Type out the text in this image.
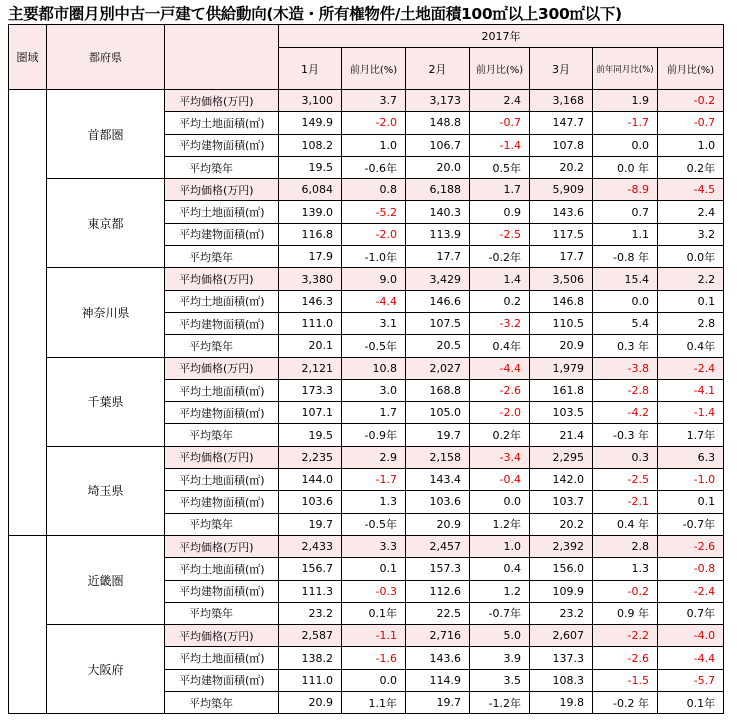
主要都市圏月別中古一戸建て供給動向(木造・所有権物件/土地面積100㎡以上300㎡以下)
圏域	都府県		2017年						
			1月	前月比(%)	2月	前月比(%)	3月	前年同月比(%)	前月比(%)
	首都圏	平均価格(万円)	3,100	3.7	3,173	2.4	3,168	1.9	-0.2
		平均土地面積(㎡)	149.9	-2.0	148.8	-0.7	147.7	-1.7	-0.7
		平均建物面積(㎡)	108.2	1.0	106.7	-1.4	107.8	0.0	1.0
		平均築年	19.5	-0.6年	20.0	0.5年	20.2	0.0 年	0.2年
	東京都	平均価格(万円)	6,084	0.8	6,188	1.7	5,909	-8.9	-4.5
		平均土地面積(㎡)	139.0	-5.2	140.3	0.9	143.6	0.7	2.4
		平均建物面積(㎡)	116.8	-2.0	113.9	-2.5	117.5	1.1	3.2
		平均築年	17.9	-1.0年	17.7	-0.2年	17.7	-0.8 年	0.0年
	神奈川県	平均価格(万円)	3,380	9.0	3,429	1.4	3,506	15.4	2.2
		平均土地面積(㎡)	146.3	-4.4	146.6	0.2	146.8	0.0	0.1
		平均建物面積(㎡)	111.0	3.1	107.5	-3.2	110.5	5.4	2.8
		平均築年	20.1	-0.5年	20.5	0.4年	20.9	0.3 年	0.4年
	千葉県	平均価格(万円)	2,121	10.8	2,027	-4.4	1,979	-3.8	-2.4
		平均土地面積(㎡)	173.3	3.0	168.8	-2.6	161.8	-2.8	-4.1
		平均建物面積(㎡)	107.1	1.7	105.0	-2.0	103.5	-4.2	-1.4
		平均築年	19.5	-0.9年	19.7	0.2年	21.4	-0.3 年	1.7年
	埼玉県	平均価格(万円)	2,235	2.9	2,158	-3.4	2,295	0.3	6.3
		平均土地面積(㎡)	144.0	-1.7	143.4	-0.4	142.0	-2.5	-1.0
		平均建物面積(㎡)	103.6	1.3	103.6	0.0	103.7	-2.1	0.1
		平均築年	19.7	-0.5年	20.9	1.2年	20.2	0.4 年	-0.7年
	近畿圏	平均価格(万円)	2,433	3.3	2,457	1.0	2,392	2.8	-2.6
		平均土地面積(㎡)	156.7	0.1	157.3	0.4	156.0	1.3	-0.8
		平均建物面積(㎡)	111.3	-0.3	112.6	1.2	109.9	-0.2	-2.4
		平均築年	23.2	0.1年	22.5	-0.7年	23.2	0.9 年	0.7年
	大阪府	平均価格(万円)	2,587	-1.1	2,716	5.0	2,607	-2.2	-4.0
		平均土地面積(㎡)	138.2	-1.6	143.6	3.9	137.3	-2.6	-4.4
		平均建物面積(㎡)	111.0	0.0	114.9	3.5	108.3	-1.5	-5.7
		平均築年	20.9	1.1年	19.7	-1.2年	19.8	-0.2 年	0.1年
